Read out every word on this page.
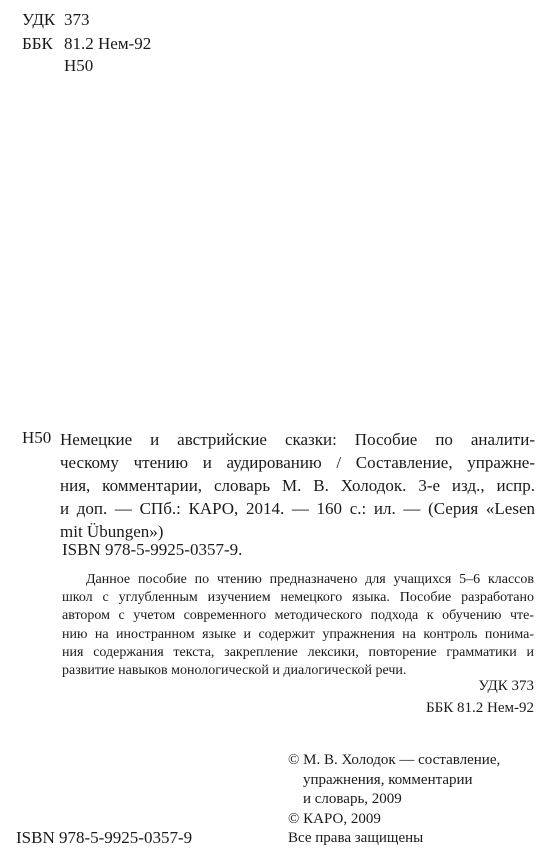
УДК 373
ББК 81.2 Нем-92
Н50
Н50 Немецкие и австрийские сказки: Пособие по аналити-
ческому чтению и аудированию / Составление, упражне-
ния, комментарии, словарь М. В. Холодок. 3-е изд., испр.
и доп. — СПб.: КАРО, 2014. — 160 с.: ил. — (Серия «Lesen
mit Übungen»)
ISBN 978-5-9925-0357-9.
Данное пособие по чтению предназначено для учащихся 5–6 классов
школ с углубленным изучением немецкого языка. Пособие разработано
автором с учетом современного методического подхода к обучению чте-
нию на иностранном языке и содержит упражнения на контроль понима-
ния содержания текста, закрепление лексики, повторение грамматики и
развитие навыков монологической и диалогической речи.
УДК 373
ББК 81.2 Нем-92
© М. В. Холодок — составление,
упражнения, комментарии
и словарь, 2009
© КАРО, 2009
Все права защищены
ISBN 978-5-9925-0357-9
